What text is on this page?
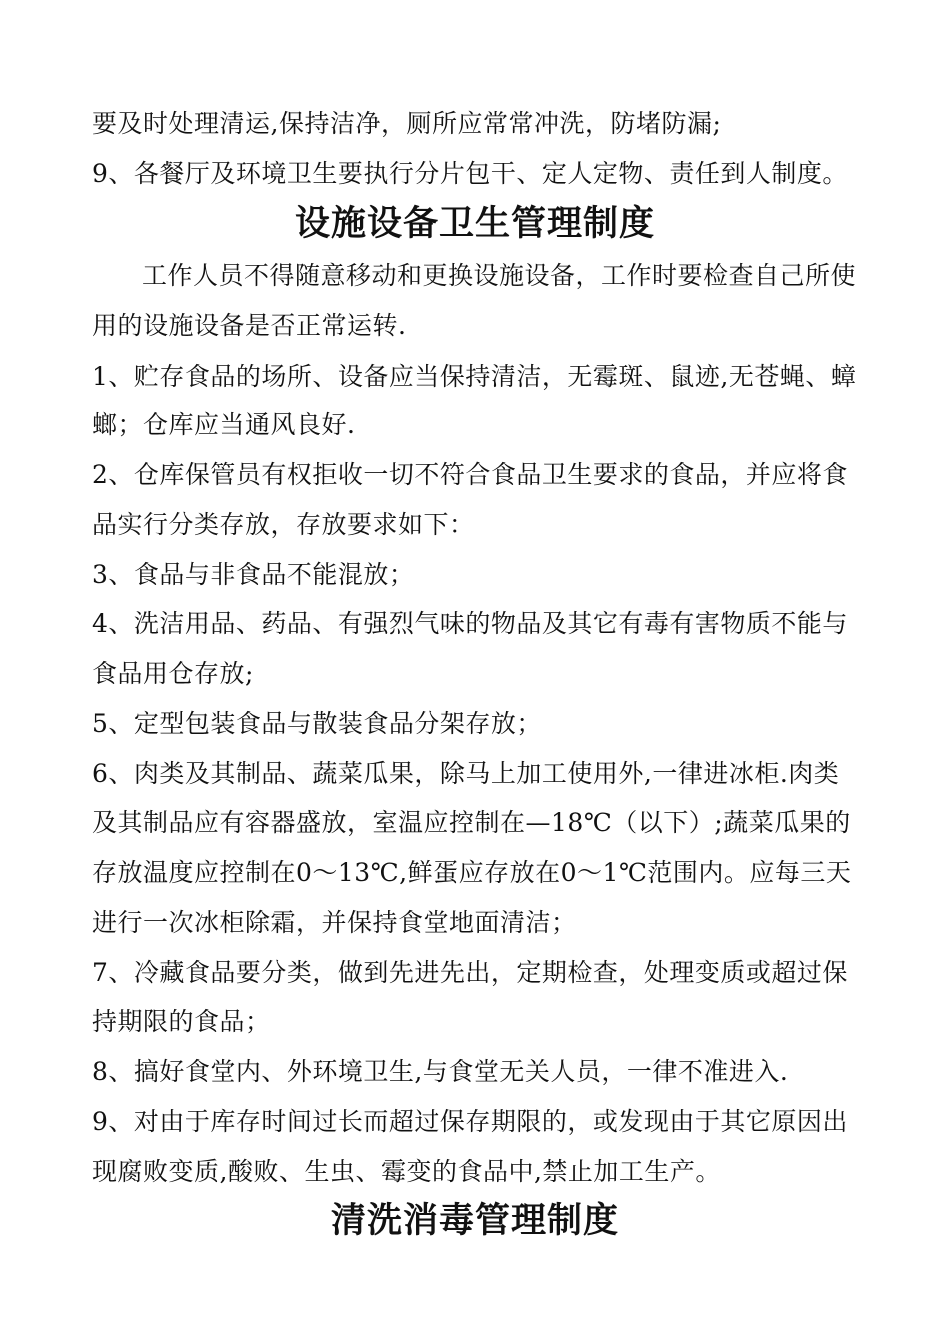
要及时处理清运,保持洁净，厕所应常常冲洗，防堵防漏;
9、各餐厅及环境卫生要执行分片包干、定人定物、责任到人制度。
设施设备卫生管理制度
工作人员不得随意移动和更换设施设备，工作时要检查自己所使
用的设施设备是否正常运转.
1、贮存食品的场所、设备应当保持清洁，无霉斑、鼠迹,无苍蝇、蟑
螂；仓库应当通风良好.
2、仓库保管员有权拒收一切不符合食品卫生要求的食品，并应将食
品实行分类存放，存放要求如下：
3、食品与非食品不能混放；
4、洗洁用品、药品、有强烈气味的物品及其它有毒有害物质不能与
食品用仓存放;
5、定型包装食品与散装食品分架存放；
6、肉类及其制品、蔬菜瓜果，除马上加工使用外,一律进冰柜.肉类
及其制品应有容器盛放，室温应控制在—18℃（以下）;蔬菜瓜果的
存放温度应控制在0～13℃,鲜蛋应存放在0～1℃范围内。应每三天
进行一次冰柜除霜，并保持食堂地面清洁；
7、冷藏食品要分类，做到先进先出，定期检查，处理变质或超过保
持期限的食品；
8、搞好食堂内、外环境卫生,与食堂无关人员，一律不准进入.
9、对由于库存时间过长而超过保存期限的，或发现由于其它原因出
现腐败变质,酸败、生虫、霉变的食品中,禁止加工生产。
清洗消毒管理制度
